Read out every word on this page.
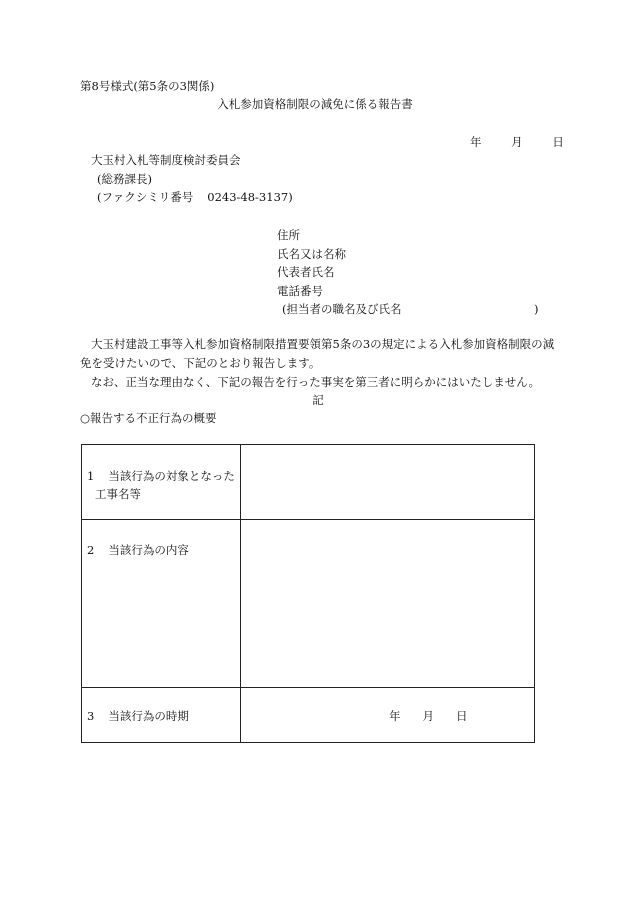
第8号様式(第5条の3関係)
入札参加資格制限の減免に係る報告書
年	月	日
大玉村入札等制度検討委員会
(総務課長)
(ファクシミリ番号 0243-48-3137)
住所
氏名又は名称
代表者氏名
電話番号
(担当者の職名及び氏名	)
大玉村建設工事等入札参加資格制限措置要領第5条の3の規定による入札参加資格制限の減免を受けたいので、下記のとおり報告します。
なお、正当な理由なく、下記の報告を行った事実を第三者に明らかにはいたしません。
記
○報告する不正行為の概要
1 当該行為の対象となった
工事名等	

2 当該行為の内容	

3 当該行為の時期	年 月 日
